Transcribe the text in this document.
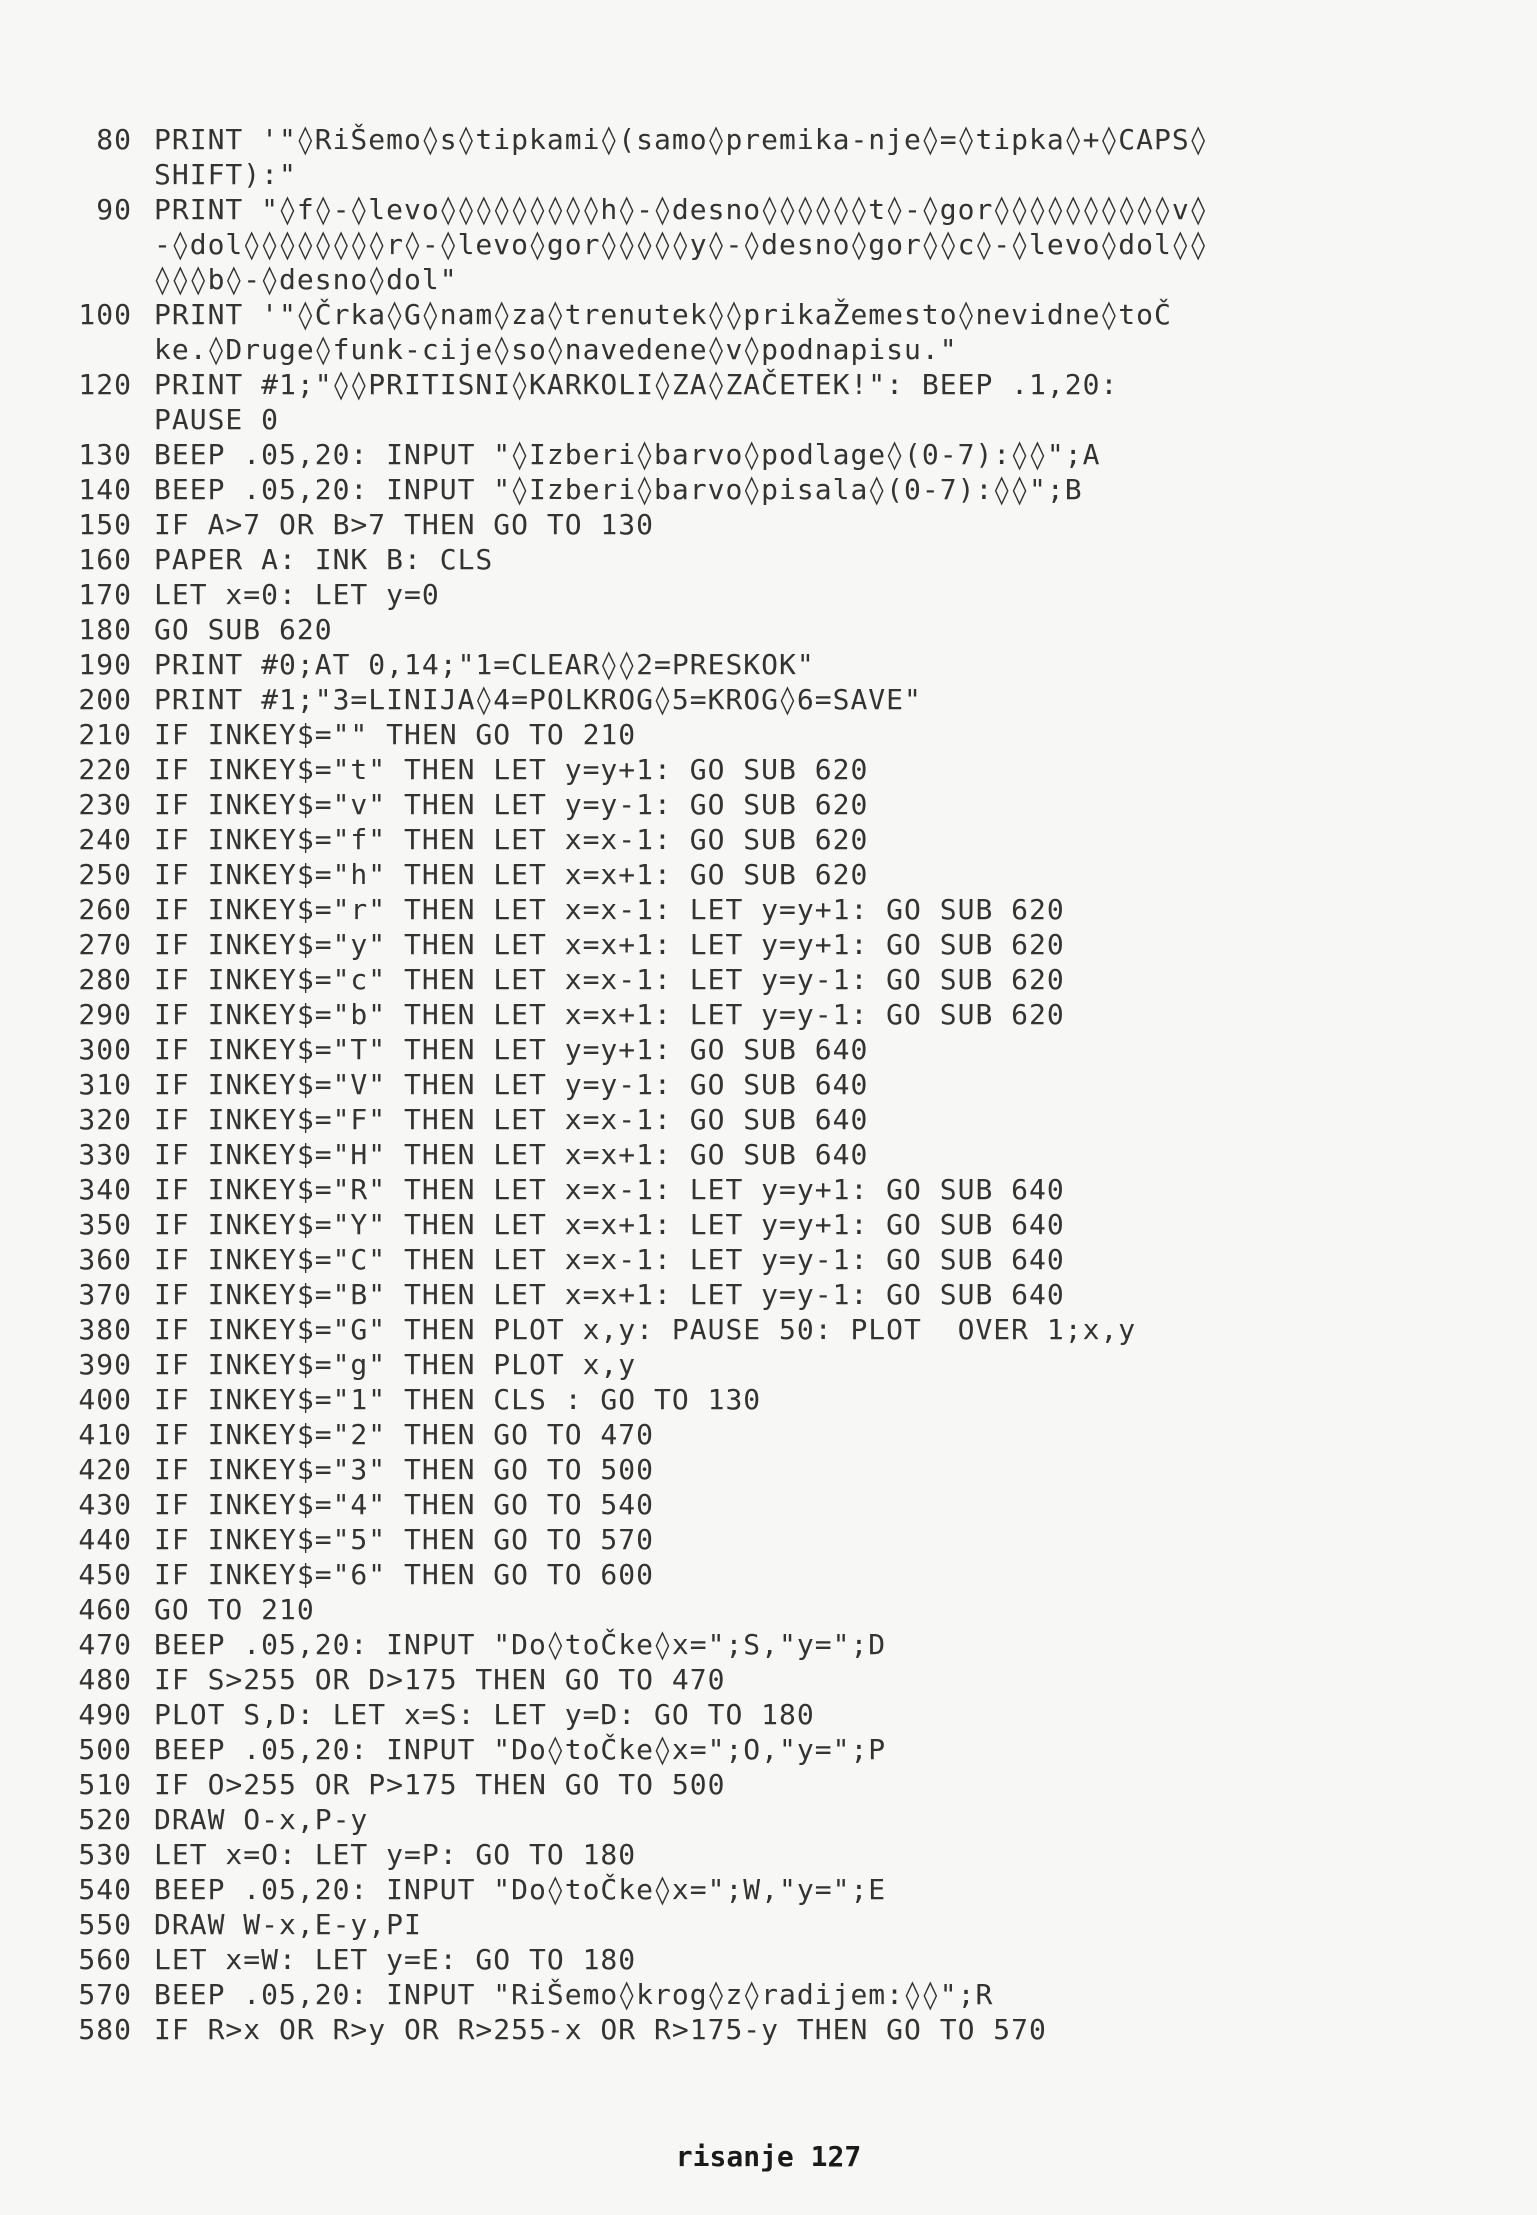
80 PRINT '"◊RiŠemo◊s◊tipkami◊(samo◊premika-nje◊=◊tipka◊+◊CAPS◊
SHIFT):"
90 PRINT "◊f◊-◊levo◊◊◊◊◊◊◊◊◊h◊-◊desno◊◊◊◊◊◊t◊-◊gor◊◊◊◊◊◊◊◊◊◊v◊
-◊dol◊◊◊◊◊◊◊◊r◊-◊levo◊gor◊◊◊◊◊y◊-◊desno◊gor◊◊c◊-◊levo◊dol◊◊
◊◊◊b◊-◊desno◊dol"
100 PRINT '"◊Črka◊G◊nam◊za◊trenutek◊◊prikaŽemesto◊nevidne◊toČ
ke.◊Druge◊funk-cije◊so◊navedene◊v◊podnapisu."
120 PRINT #1;"◊◊PRITISNI◊KARKOLI◊ZA◊ZAČETEK!": BEEP .1,20:
PAUSE 0
130 BEEP .05,20: INPUT "◊Izberi◊barvo◊podlage◊(0-7):◊◊";A
140 BEEP .05,20: INPUT "◊Izberi◊barvo◊pisala◊(0-7):◊◊";B
150 IF A>7 OR B>7 THEN GO TO 130
160 PAPER A: INK B: CLS
170 LET x=0: LET y=0
180 GO SUB 620
190 PRINT #0;AT 0,14;"1=CLEAR◊◊2=PRESKOK"
200 PRINT #1;"3=LINIJA◊4=POLKROG◊5=KROG◊6=SAVE"
210 IF INKEY$="" THEN GO TO 210
220 IF INKEY$="t" THEN LET y=y+1: GO SUB 620
230 IF INKEY$="v" THEN LET y=y-1: GO SUB 620
240 IF INKEY$="f" THEN LET x=x-1: GO SUB 620
250 IF INKEY$="h" THEN LET x=x+1: GO SUB 620
260 IF INKEY$="r" THEN LET x=x-1: LET y=y+1: GO SUB 620
270 IF INKEY$="y" THEN LET x=x+1: LET y=y+1: GO SUB 620
280 IF INKEY$="c" THEN LET x=x-1: LET y=y-1: GO SUB 620
290 IF INKEY$="b" THEN LET x=x+1: LET y=y-1: GO SUB 620
300 IF INKEY$="T" THEN LET y=y+1: GO SUB 640
310 IF INKEY$="V" THEN LET y=y-1: GO SUB 640
320 IF INKEY$="F" THEN LET x=x-1: GO SUB 640
330 IF INKEY$="H" THEN LET x=x+1: GO SUB 640
340 IF INKEY$="R" THEN LET x=x-1: LET y=y+1: GO SUB 640
350 IF INKEY$="Y" THEN LET x=x+1: LET y=y+1: GO SUB 640
360 IF INKEY$="C" THEN LET x=x-1: LET y=y-1: GO SUB 640
370 IF INKEY$="B" THEN LET x=x+1: LET y=y-1: GO SUB 640
380 IF INKEY$="G" THEN PLOT x,y: PAUSE 50: PLOT  OVER 1;x,y
390 IF INKEY$="g" THEN PLOT x,y
400 IF INKEY$="1" THEN CLS : GO TO 130
410 IF INKEY$="2" THEN GO TO 470
420 IF INKEY$="3" THEN GO TO 500
430 IF INKEY$="4" THEN GO TO 540
440 IF INKEY$="5" THEN GO TO 570
450 IF INKEY$="6" THEN GO TO 600
460 GO TO 210
470 BEEP .05,20: INPUT "Do◊toČke◊x=";S,"y=";D
480 IF S>255 OR D>175 THEN GO TO 470
490 PLOT S,D: LET x=S: LET y=D: GO TO 180
500 BEEP .05,20: INPUT "Do◊toČke◊x=";O,"y=";P
510 IF O>255 OR P>175 THEN GO TO 500
520 DRAW O-x,P-y
530 LET x=O: LET y=P: GO TO 180
540 BEEP .05,20: INPUT "Do◊toČke◊x=";W,"y=";E
550 DRAW W-x,E-y,PI
560 LET x=W: LET y=E: GO TO 180
570 BEEP .05,20: INPUT "RiŠemo◊krog◊z◊radijem:◊◊";R
580 IF R>x OR R>y OR R>255-x OR R>175-y THEN GO TO 570
risanje 127
